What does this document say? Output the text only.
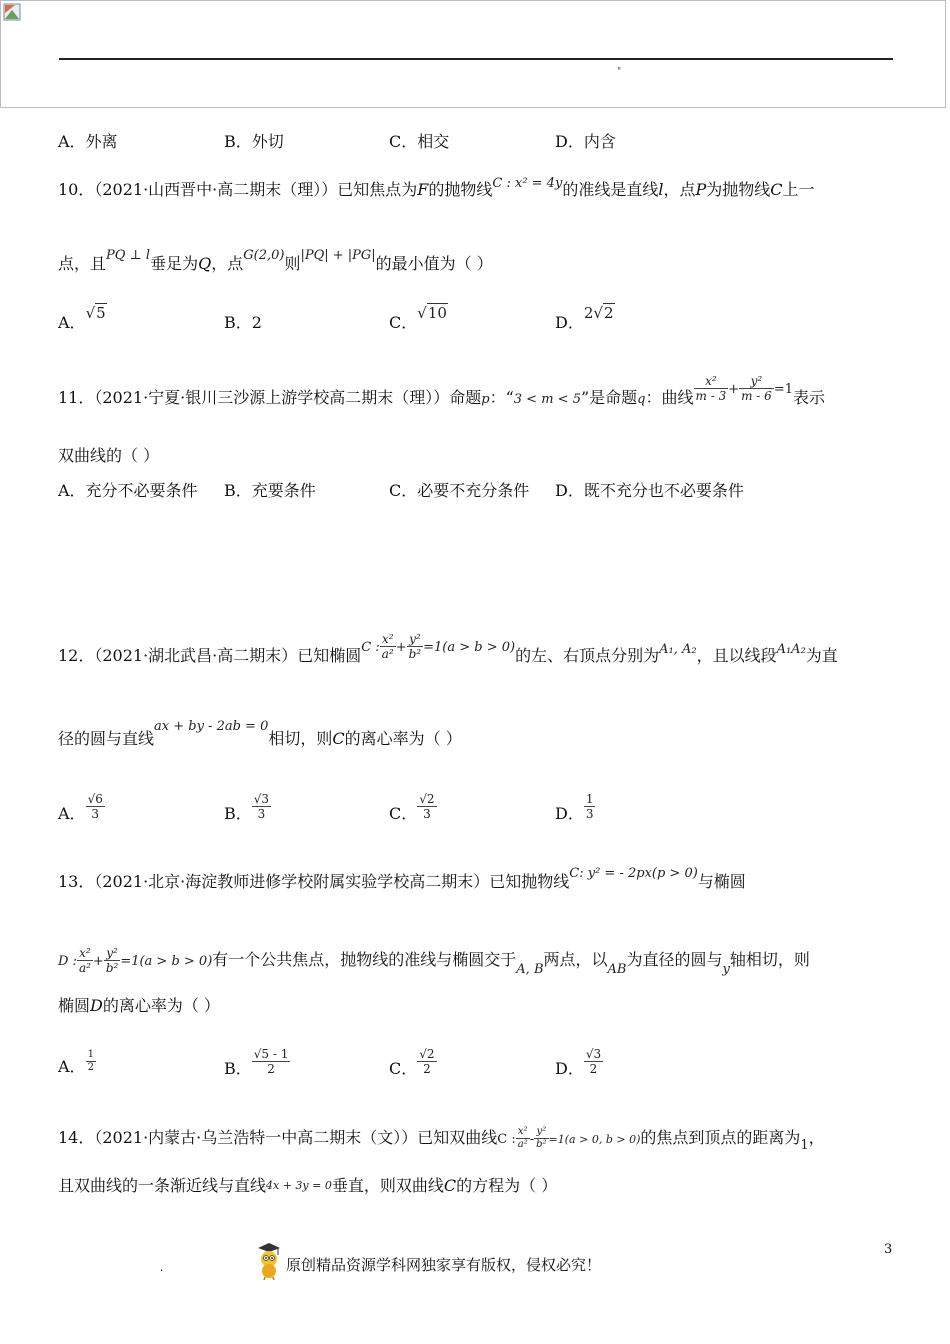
"
A．外离	B．外切	C．相交	D．内含
10．（2021·山西晋中·高二期末（理））已知焦点为F的抛物线$^{C : x^2 = 4y}$的准线是直线l，点P为抛物线C上一
点，且$^{PQ \perp l}$垂足为Q，点$^{G(2,0)}$则$^{|PQ| + |PG|}$的最小值为（ ）
A．√5	B．2	C．√10	D．2√2
11．（2021·宁夏·银川三沙源上游学校高二期末（理））命题p：“3 < m < 5”是命题q：曲线 $\frac{\text{x²}}{m - 3} ^+ \frac{\text{y²}}{m - 6} ^{=1}$表示
双曲线的（ ）
A．充分不必要条件 B．充要条件	C．必要不充分条件 D．既不充分也不必要条件
12．（2021·湖北武昌·高二期末）已知椭圆$^{C :} \frac{\text{x²}}{\text{a²}} ^+ \frac{\text{y²}}{\text{b²}} ^{=1(a > b > 0)}$的左、右顶点分别为$^{A_1, A_2}$，且以线段$^{A_1A_2}$为直
径的圆与直线$^{ax + by - 2ab = 0}$相切，则C的离心率为（ ）
A． $\frac{√6}{3}$	B． $\frac{√3}{3}$	C． $\frac{√2}{3}$	D． $\frac{1}{3}$
13．（2021·北京·海淀教师进修学校附属实验学校高二期末）已知抛物线$^{C: y^2 = - 2px(p > 0)}$与椭圆
D : $\frac{\text{x²}}{\text{a²}} + \frac{\text{y²}}{\text{b²}} =1(a > b > 0)$有一个公共焦点，抛物线的准线与椭圆交于$_{A, B}$两点，以$_{AB}$为直径的圆与$_y$轴相切，则
椭圆D的离心率为（ ）
A． $\frac{1}{2}$	B． $\frac{√5 - 1}{2}$	C． $\frac{√2}{2}$	D． $\frac{√3}{2}$
14．（2021·内蒙古·乌兰浩特一中高二期末（文））已知双曲线C : $\frac{\text{x²}}{\text{a²}} - \frac{\text{y²}}{\text{b²}} =1(a > 0$, b > 0)的焦点到顶点的距离为$_1$，
且双曲线的一条渐近线与直线4x + 3y = 0垂直，则双曲线C的方程为（ ）
.	原创精品资源学科网独家享有版权，侵权必究！
3
